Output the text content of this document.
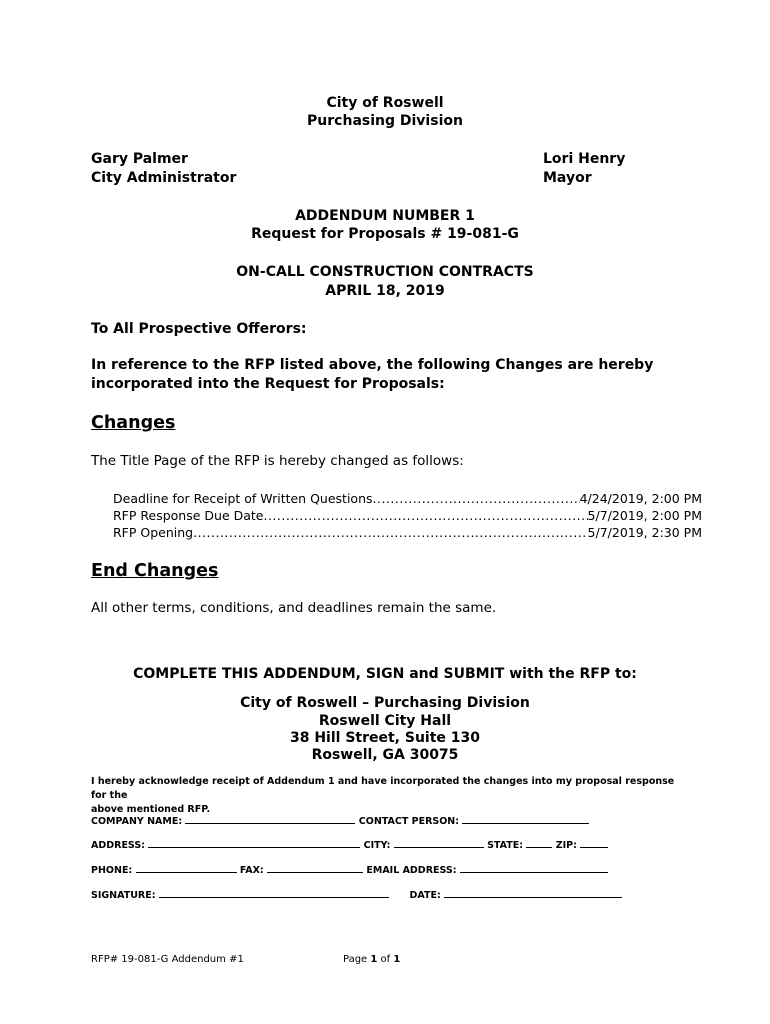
City of Roswell
Purchasing Division
Gary Palmer
City Administrator
Lori Henry
Mayor
ADDENDUM NUMBER 1
Request for Proposals # 19-081-G
ON-CALL CONSTRUCTION CONTRACTS
APRIL 18, 2019
To All Prospective Offerors:
In reference to the RFP listed above, the following Changes are hereby
incorporated into the Request for Proposals:
Changes
The Title Page of the RFP is hereby changed as follows:
Deadline for Receipt of Written Questions .....	4/24/2019, 2:00 PM
RFP Response Due Date .....	5/7/2019, 2:00 PM
RFP Opening .....	5/7/2019, 2:30 PM
End Changes
All other terms, conditions, and deadlines remain the same.
COMPLETE THIS ADDENDUM, SIGN and SUBMIT with the RFP to:
City of Roswell – Purchasing Division
Roswell City Hall
38 Hill Street, Suite 130
Roswell, GA 30075
I hereby acknowledge receipt of Addendum 1 and have incorporated the changes into my proposal response for the
above mentioned RFP.
COMPANY NAME:	CONTACT PERSON:
ADDRESS:	CITY:	STATE:	ZIP:
PHONE:	FAX:	EMAIL ADDRESS:
SIGNATURE:	DATE:
RFP# 19-081-G Addendum #1	Page 1 of 1
